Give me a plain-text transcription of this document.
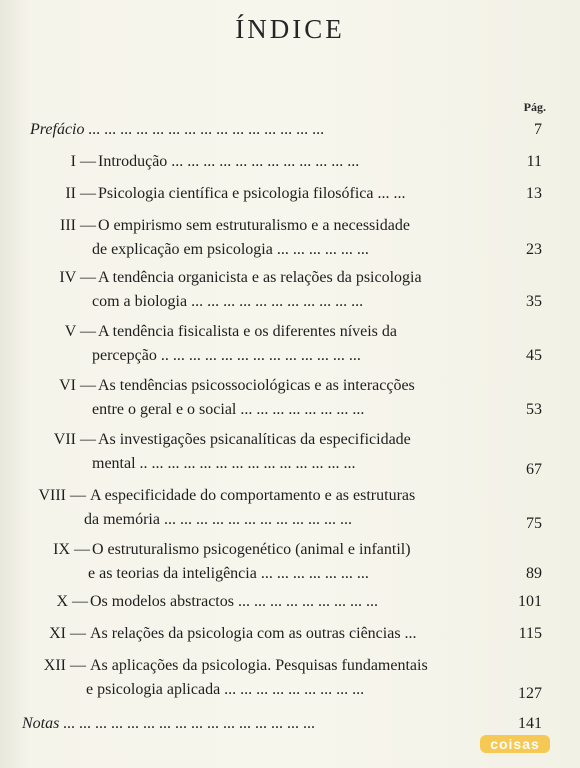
ÍNDICE
Pág.
Prefácio ... ... ... ... ... ... ... ... ... ... ... ... ... ... ...	7
I — Introdução ... ... ... ... ... ... ... ... ... ... ... ...	11
II — Psicologia científica e psicologia filosófica ... ...	13
III — O empirismo sem estruturalismo e a necessidade
de explicação em psicologia ... ... ... ... ... ...	23
IV — A tendência organicista e as relações da psicologia
com a biologia ... ... ... ... ... ... ... ... ... ... ...	35
V — A tendência fisicalista e os diferentes níveis da
percepção .. ... ... ... ... ... ... ... ... ... ... ... ...	45
VI — As tendências psicossociológicas e as interacções
entre o geral e o social ... ... ... ... ... ... ... ...	53
VII — As investigações psicanalíticas da especificidade
mental .. ... ... ... ... ... ... ... ... ... ... ... ... ...	67
VIII — A especificidade do comportamento e as estruturas
da memória ... ... ... ... ... ... ... ... ... ... ... ...	75
IX — O estruturalismo psicogenético (animal e infantil)
e as teorias da inteligência ... ... ... ... ... ... ...	89
X — Os modelos abstractos ... ... ... ... ... ... ... ... ...	101
XI — As relações da psicologia com as outras ciências ...	115
XII — As aplicações da psicologia. Pesquisas fundamentais
e psicologia aplicada ... ... ... ... ... ... ... ... ...	127
Notas ... ... ... ... ... ... ... ... ... ... ... ... ... ... ... ...	141
coisas
